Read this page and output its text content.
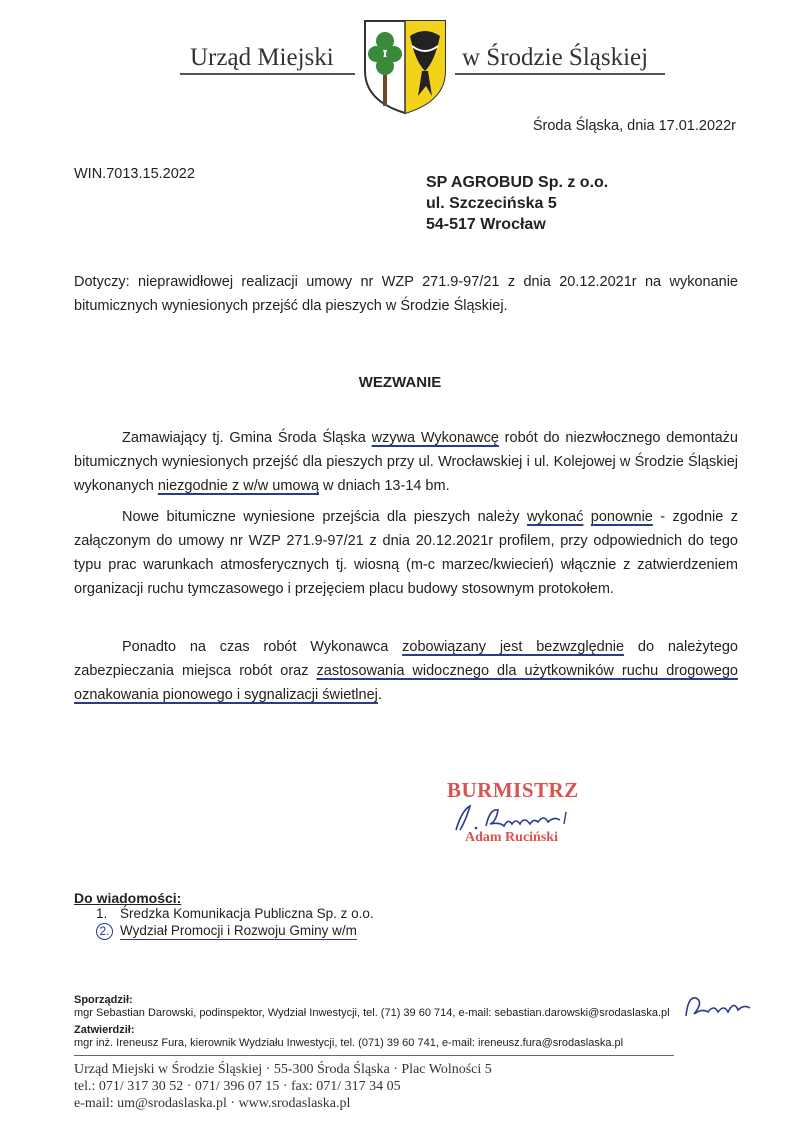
Urząd Miejski	w Środzie Śląskiej
Środa Śląska, dnia 17.01.2022r
WIN.7013.15.2022	SP AGROBUD Sp. z o.o.
ul. Szczecińska 5
54-517 Wrocław
Dotyczy: nieprawidłowej realizacji umowy nr WZP 271.9-97/21 z dnia 20.12.2021r na wykonanie bitumicznych wyniesionych przejść dla pieszych w Środzie Śląskiej.
WEZWANIE
Zamawiający tj. Gmina Środa Śląska wzywa Wykonawcę robót do niezwłocznego demontażu bitumicznych wyniesionych przejść dla pieszych przy ul. Wrocławskiej i ul. Kolejowej w Środzie Śląskiej wykonanych niezgodnie z w/w umową w dniach 13-14 bm.
Nowe bitumiczne wyniesione przejścia dla pieszych należy wykonać ponownie - zgodnie z załączonym do umowy nr WZP 271.9-97/21 z dnia 20.12.2021r profilem, przy odpowiednich do tego typu prac warunkach atmosferycznych tj. wiosną (m-c marzec/kwiecień) włącznie z zatwierdzeniem organizacji ruchu tymczasowego i przejęciem placu budowy stosownym protokołem.
Ponadto na czas robót Wykonawca zobowiązany jest bezwzględnie do należytego zabezpieczania miejsca robót oraz zastosowania widocznego dla użytkowników ruchu drogowego oznakowania pionowego i sygnalizacji świetlnej.
BURMISTRZ
Adam Ruciński
Do wiadomości:
1. Średzka Komunikacja Publiczna Sp. z o.o.
2. Wydział Promocji i Rozwoju Gminy w/m
Sporządził:
mgr Sebastian Darowski, podinspektor, Wydział Inwestycji, tel. (71) 39 60 714, e-mail: sebastian.darowski@srodaslaska.pl
Zatwierdził:
mgr inż. Ireneusz Fura, kierownik Wydziału Inwestycji, tel. (071) 39 60 741, e-mail: ireneusz.fura@srodaslaska.pl
Urząd Miejski w Środzie Śląskiej · 55-300 Środa Śląska · Plac Wolności 5
tel.: 071/ 317 30 52 · 071/ 396 07 15 · fax: 071/ 317 34 05
e-mail: um@srodaslaska.pl · www.srodaslaska.pl
